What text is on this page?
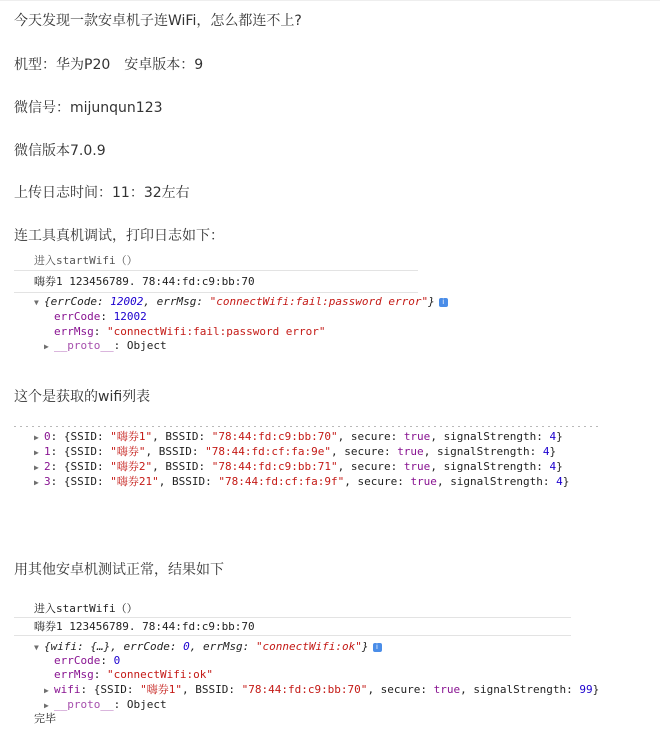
今天发现一款安卓机子连WiFi，怎么都连不上?
机型：华为P20　安卓版本：9
微信号：mijunqun123
微信版本7.0.9
上传日志时间：11：32左右
连工具真机调试，打印日志如下：
进入startWifi（）
嗨券1 123456789. 78:44:fd:c9:bb:70
▼ {errCode: 12002, errMsg: "connectWifi:fail:password error"} i
errCode: 12002
errMsg: "connectWifi:fail:password error"
▶ __proto__: Object
这个是获取的wifi列表
▶ 0: {SSID: "嗨券1", BSSID: "78:44:fd:c9:bb:70", secure: true, signalStrength: 4}
▶ 1: {SSID: "嗨券", BSSID: "78:44:fd:cf:fa:9e", secure: true, signalStrength: 4}
▶ 2: {SSID: "嗨券2", BSSID: "78:44:fd:c9:bb:71", secure: true, signalStrength: 4}
▶ 3: {SSID: "嗨券21", BSSID: "78:44:fd:cf:fa:9f", secure: true, signalStrength: 4}
用其他安卓机测试正常，结果如下
进入startWifi（）
嗨券1 123456789. 78:44:fd:c9:bb:70
▼ {wifi: {…}, errCode: 0, errMsg: "connectWifi:ok"} i
errCode: 0
errMsg: "connectWifi:ok"
▶ wifi: {SSID: "嗨券1", BSSID: "78:44:fd:c9:bb:70", secure: true, signalStrength: 99}
▶ __proto__: Object
完毕
